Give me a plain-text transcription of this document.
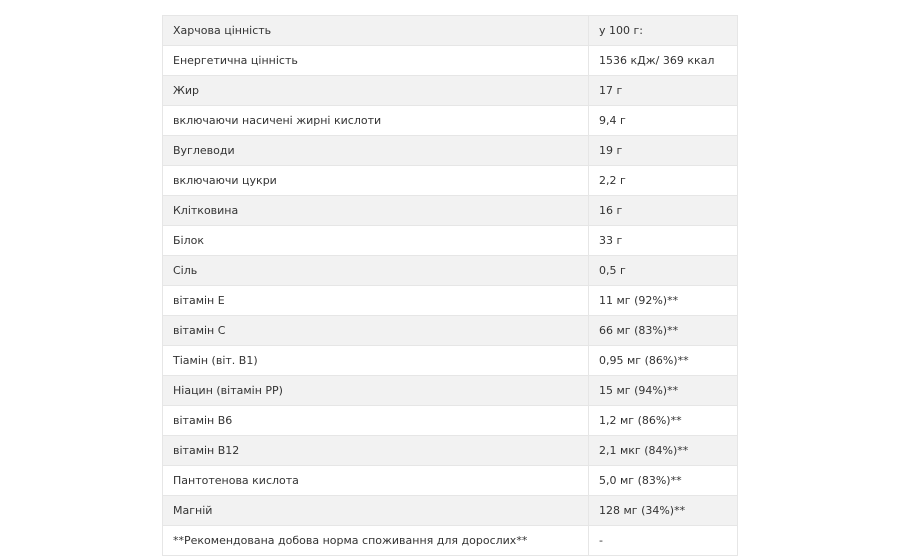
Харчова цінність	у 100 г:
Енергетична цінність	1536 кДж/ 369 ккал
Жир	17 г
включаючи насичені жирні кислоти	9,4 г
Вуглеводи	19 г
включаючи цукри	2,2 г
Клітковина	16 г
Білок	33 г
Сіль	0,5 г
вітамін Е	11 мг (92%)**
вітамін С	66 мг (83%)**
Тіамін (віт. В1)	0,95 мг (86%)**
Ніацин (вітамін РР)	15 мг (94%)**
вітамін В6	1,2 мг (86%)**
вітамін В12	2,1 мкг (84%)**
Пантотенова кислота	5,0 мг (83%)**
Магній	128 мг (34%)**
**Рекомендована добова норма споживання для дорослих**	-
